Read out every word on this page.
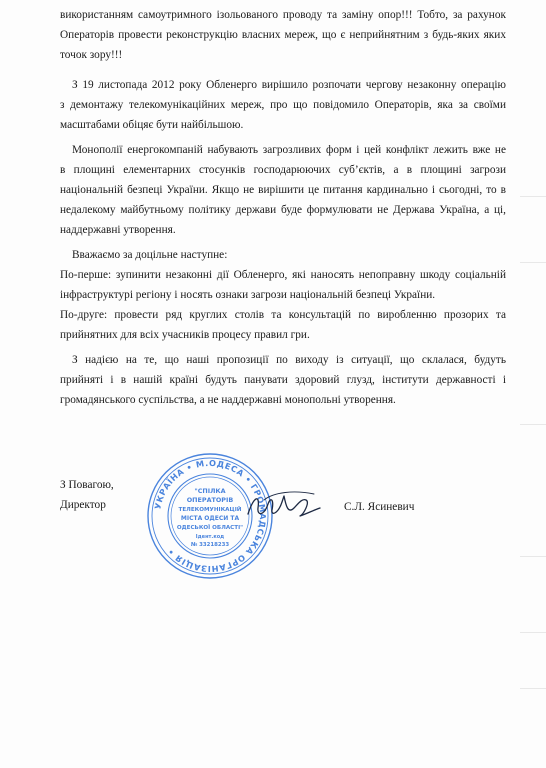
використанням самоутримного ізольованого проводу та заміну опор!!! Тобто, за рахунок

Операторів провести реконструкцію власних мереж, що є неприйнятним з будь-яких яких

точок зору!!!

З 19 листопада 2012 року Обленерго вирішило розпочати чергову незаконну операцію

з демонтажу телекомунікаційних мереж, про що повідомило Операторів, яка за своїми

масштабами обіцяє бути найбільшою.

Монополії енергокомпаній набувають загрозливих форм і цей конфлікт лежить вже не

в площині елементарних стосунків господарюючих суб’єктів, а в площині загрози

національній безпеці України. Якщо не вирішити це питання кардинально і сьогодні, то в

недалекому майбутньому політику держави буде формулювати не Держава Україна, а ці,

наддержавні утворення.

Вважаємо за доцільне наступне:

По-перше: зупинити незаконні дії Обленерго, які наносять непоправну шкоду соціальній

інфраструктурі регіону і носять ознаки загрози національній безпеці України.

По-друге: провести ряд круглих столів та консультацій по виробленню прозорих та

прийнятних для всіх учасників процесу правил гри.

З надією на те, що наші пропозиції по виходу із ситуації, що склалася, будуть

прийняті і в нашій країні будуть панувати здоровий глузд, інститути державності і

громадянського суспільства, а не наддержавні монопольні утворення.

З Повагою,
Директор	С.Л. Ясиневич
УКРАЇНА • М.ОДЕСА • ГРОМАДСЬКА ОРГАНІЗАЦІЯ •
"СПІЛКА
ОПЕРАТОРІВ
ТЕЛЕКОМУНІКАЦІЙ
МІСТА ОДЕСИ ТА
ОДЕСЬКОЇ ОБЛАСТІ"
Ідент.код
№ 33218233
